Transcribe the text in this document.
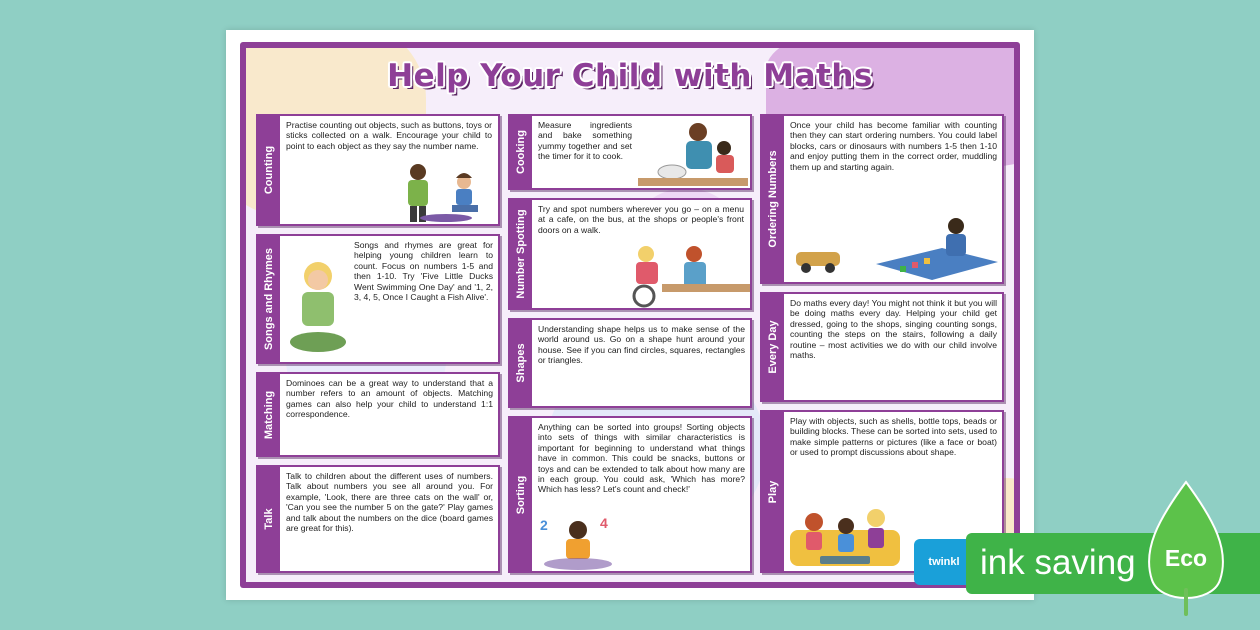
Help Your Child with Maths
Counting
Practise counting out objects, such as buttons, toys or sticks collected on a walk. Encourage your child to point to each object as they say the number name.
Songs and Rhymes
Songs and rhymes are great for helping young children learn to count. Focus on numbers 1-5 and then 1-10. Try 'Five Little Ducks Went Swimming One Day' and '1, 2, 3, 4, 5, Once I Caught a Fish Alive'.
Matching
Dominoes can be a great way to understand that a number refers to an amount of objects. Matching games can also help your child to understand 1:1 correspondence.
Talk
Talk to children about the different uses of numbers. Talk about numbers you see all around you. For example, 'Look, there are three cats on the wall' or, 'Can you see the number 5 on the gate?' Play games and talk about the numbers on the dice (board games are great for this).
Cooking
Measure ingredients and bake something yummy together and set the timer for it to cook.
Number Spotting
Try and spot numbers wherever you go – on a menu at a cafe, on the bus, at the shops or people's front doors on a walk.
Shapes
Understanding shape helps us to make sense of the world around us. Go on a shape hunt around your house. See if you can find circles, squares, rectangles or triangles.
Sorting
Anything can be sorted into groups! Sorting objects into sets of things with similar characteristics is important for beginning to understand what things have in common. This could be snacks, buttons or toys and can be extended to talk about how many are in each group. You could ask, 'Which has more? Which has less? Let's count and check!'
2	4
Ordering Numbers
Once your child has become familiar with counting then they can start ordering numbers. You could label blocks, cars or dinosaurs with numbers 1-5 then 1-10 and enjoy putting them in the correct order, muddling them up and starting again.
Every Day
Do maths every day! You might not think it but you will be doing maths every day. Helping your child get dressed, going to the shops, singing counting songs, counting the steps on the stairs, following a daily routine – most activities we do with our child involve maths.
Play
Play with objects, such as shells, bottle tops, beads or building blocks. These can be sorted into sets, used to make simple patterns or pictures (like a face or boat) or used to prompt discussions about shape.
twinkl ink saving Eco
